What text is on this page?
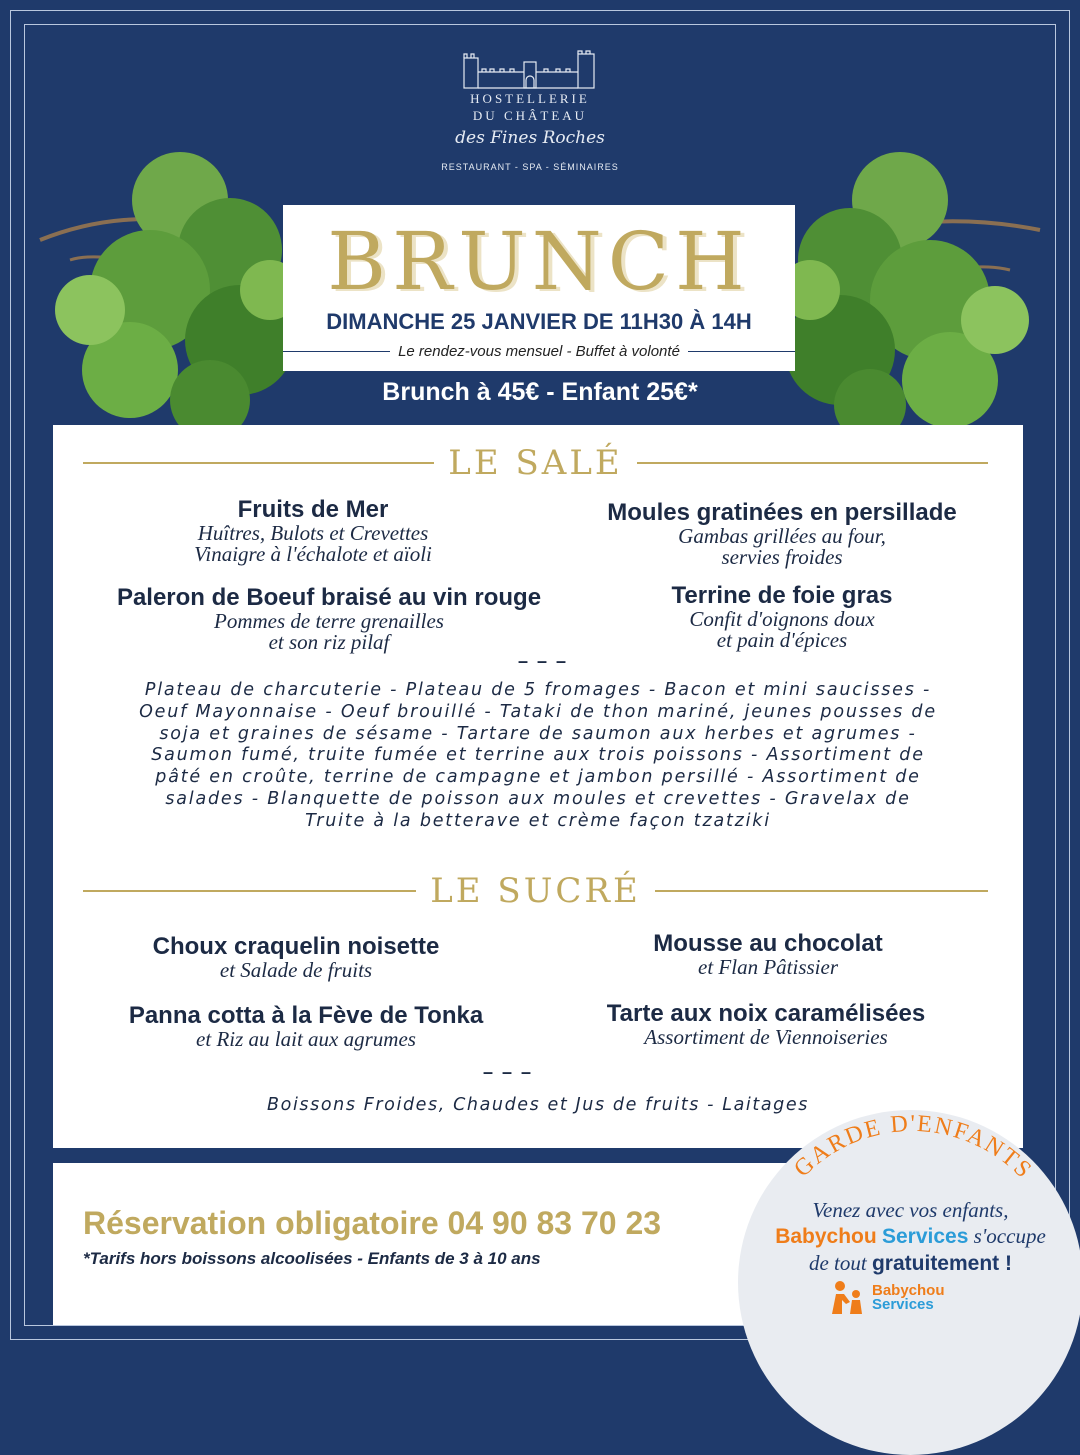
HOSTELLERIE
DU CHÂTEAU
des Fines Roches
RESTAURANT - SPA - SÉMINAIRES
BRUNCH
DIMANCHE 25 JANVIER DE 11H30 À 14H
Le rendez-vous mensuel - Buffet à volonté
Brunch à 45€ - Enfant 25€*
LE SALÉ
Fruits de Mer
Huîtres, Bulots et Crevettes
Vinaigre à l'échalote et aïoli
Moules gratinées en persillade
Gambas grillées au four,
servies froides
Paleron de Boeuf braisé au vin rouge
Pommes de terre grenailles
et son riz pilaf
Terrine de foie gras
Confit d'oignons doux
et pain d'épices
– – –
Plateau de charcuterie - Plateau de 5 fromages - Bacon et mini saucisses - Oeuf Mayonnaise - Oeuf brouillé - Tataki de thon mariné, jeunes pousses de soja et graines de sésame - Tartare de saumon aux herbes et agrumes - Saumon fumé, truite fumée et terrine aux trois poissons - Assortiment de pâté en croûte, terrine de campagne et jambon persillé - Assortiment de salades - Blanquette de poisson aux moules et crevettes - Gravelax de Truite à la betterave et crème façon tzatziki
LE SUCRÉ
Choux craquelin noisette
et Salade de fruits
Mousse au chocolat
et Flan Pâtissier
Panna cotta à la Fève de Tonka
et Riz au lait aux agrumes
Tarte aux noix caramélisées
Assortiment de Viennoiseries
– – –
Boissons Froides, Chaudes et Jus de fruits - Laitages
Réservation obligatoire 04 90 83 70 23
*Tarifs hors boissons alcoolisées - Enfants de 3 à 10 ans
GARDE D'ENFANTS
Venez avec vos enfants,
Babychou Services s'occupe
de tout gratuitement !
Babychou
Services
